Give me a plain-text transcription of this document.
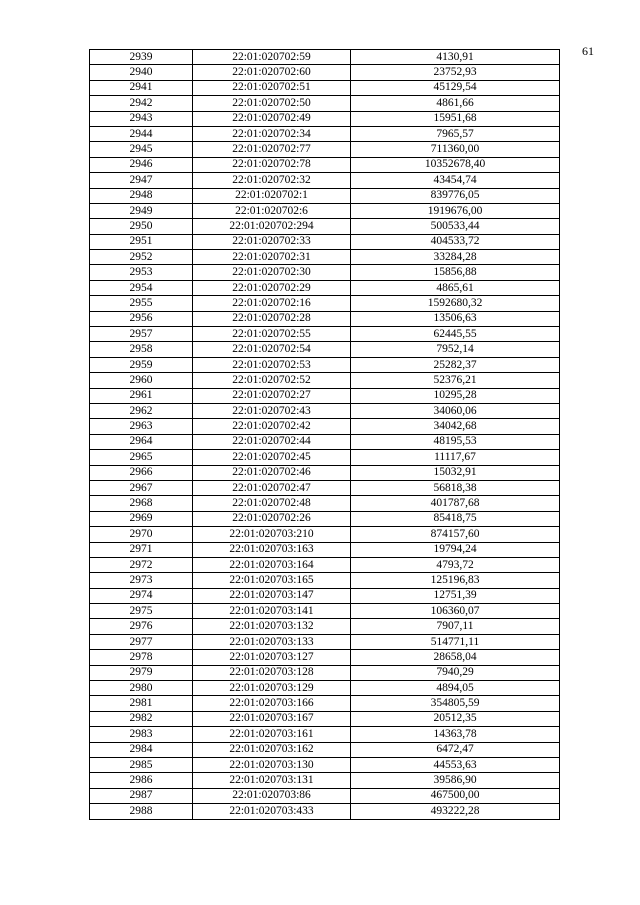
61
2939	22:01:020702:59	4130,91
2940	22:01:020702:60	23752,93
2941	22:01:020702:51	45129,54
2942	22:01:020702:50	4861,66
2943	22:01:020702:49	15951,68
2944	22:01:020702:34	7965,57
2945	22:01:020702:77	711360,00
2946	22:01:020702:78	10352678,40
2947	22:01:020702:32	43454,74
2948	22:01:020702:1	839776,05
2949	22:01:020702:6	1919676,00
2950	22:01:020702:294	500533,44
2951	22:01:020702:33	404533,72
2952	22:01:020702:31	33284,28
2953	22:01:020702:30	15856,88
2954	22:01:020702:29	4865,61
2955	22:01:020702:16	1592680,32
2956	22:01:020702:28	13506,63
2957	22:01:020702:55	62445,55
2958	22:01:020702:54	7952,14
2959	22:01:020702:53	25282,37
2960	22:01:020702:52	52376,21
2961	22:01:020702:27	10295,28
2962	22:01:020702:43	34060,06
2963	22:01:020702:42	34042,68
2964	22:01:020702:44	48195,53
2965	22:01:020702:45	11117,67
2966	22:01:020702:46	15032,91
2967	22:01:020702:47	56818,38
2968	22:01:020702:48	401787,68
2969	22:01:020702:26	85418,75
2970	22:01:020703:210	874157,60
2971	22:01:020703:163	19794,24
2972	22:01:020703:164	4793,72
2973	22:01:020703:165	125196,83
2974	22:01:020703:147	12751,39
2975	22:01:020703:141	106360,07
2976	22:01:020703:132	7907,11
2977	22:01:020703:133	514771,11
2978	22:01:020703:127	28658,04
2979	22:01:020703:128	7940,29
2980	22:01:020703:129	4894,05
2981	22:01:020703:166	354805,59
2982	22:01:020703:167	20512,35
2983	22:01:020703:161	14363,78
2984	22:01:020703:162	6472,47
2985	22:01:020703:130	44553,63
2986	22:01:020703:131	39586,90
2987	22:01:020703:86	467500,00
2988	22:01:020703:433	493222,28
